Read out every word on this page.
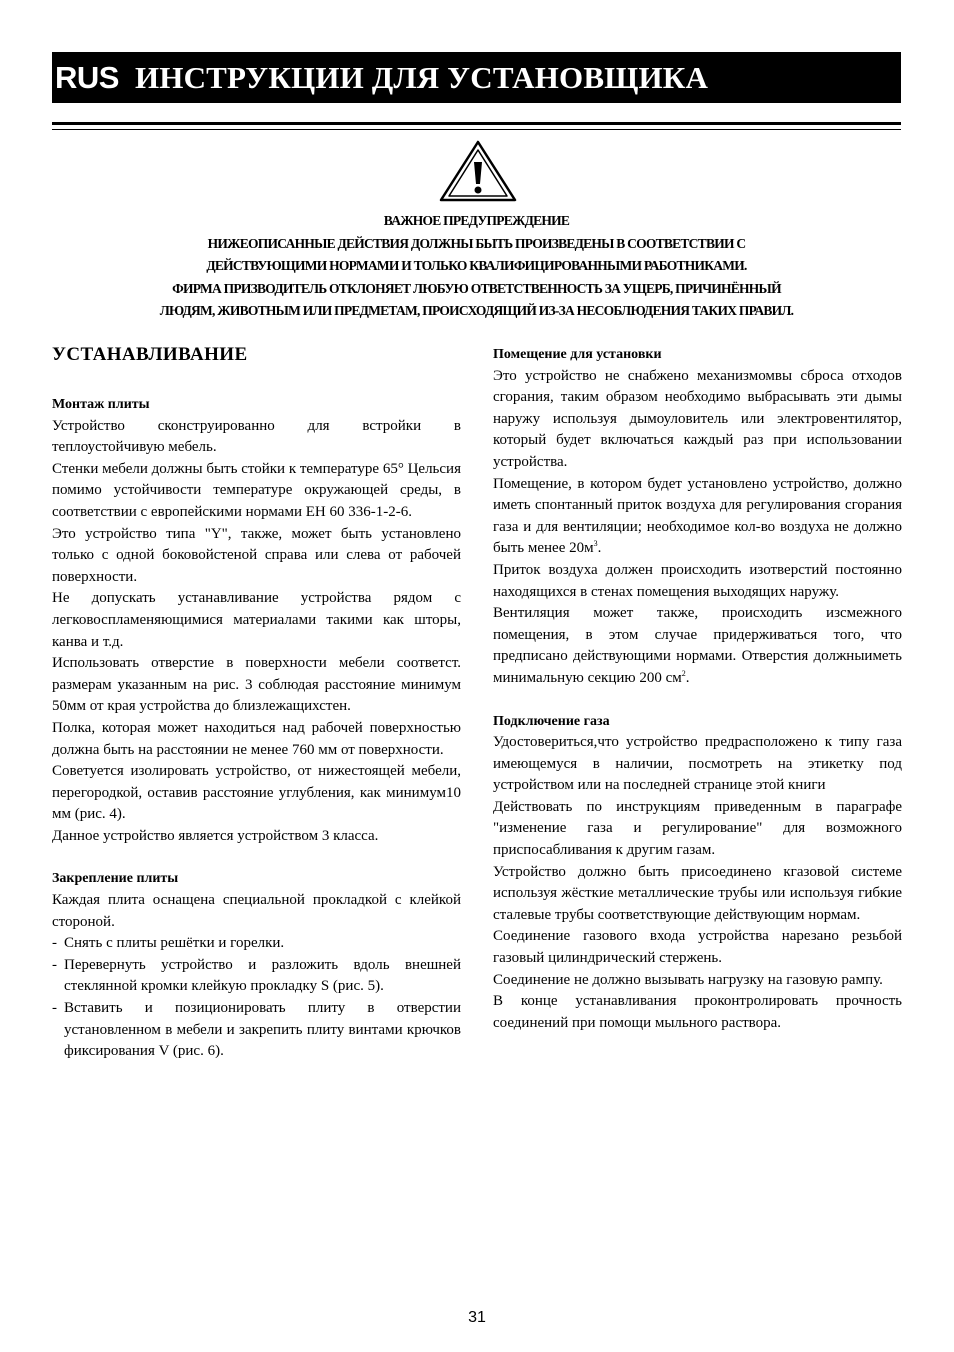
RUS ИНСТРУКЦИИ ДЛЯ УСТАНОВЩИКА
ВАЖНОЕ ПРЕДУПРЕЖДЕНИЕ
НИЖЕОПИСАННЫЕ ДЕЙСТВИЯ ДОЛЖНЫ БЫТЬ ПРОИЗВЕДЕНЫ В СООТВЕТСТВИИ С
ДЕЙСТВУЮЩИМИ НОРМАМИ И ТОЛЬКО КВАЛИФИЦИРОВАННЫМИ РАБОТНИКАМИ.
ФИРМА ПРИЗВОДИТЕЛЬ ОТКЛОНЯЕТ ЛЮБУЮ ОТВЕТСТВЕННОСТЬ ЗА УЩЕРБ, ПРИЧИНЁННЫЙ
ЛЮДЯМ, ЖИВОТНЫМ ИЛИ ПРЕДМЕТАМ, ПРОИСХОДЯЩИЙ ИЗ-ЗА НЕСОБЛЮДЕНИЯ ТАКИХ ПРАВИЛ.
УСТАНАВЛИВАНИЕ
Монтаж плиты

Устройство сконструированно для встройки в теплоустойчивую мебель.

Стенки мебели должны быть стойки к температуре 65° Цельсия помимо устойчивости температуре окружающей среды, в соответствии с европейскими нормами ЕН 60 336-1-2-6.

Это устройство типа "Y", также, может быть установлено только с одной боковойстеной справа или слева от рабочей поверхности.

Не допускать устанавливание устройства рядом с легковоспламеняющимися материалами такими как шторы, канва и т.д.

Использовать отверстие в поверхности мебели соответст. размерам указанным на рис. 3 соблюдая расстояние минимум 50мм от края устройства до близлежащихстен.

Полка, которая может находиться над рабочей поверхностью должна быть на расстоянии не менее 760 мм от поверхности.

Советуется изолировать устройство, от нижестоящей мебели, перегородкой, оставив расстояние углубления, как минимум10 мм (рис. 4).

Данное устройство является устройством 3 класса.

Закрепление плиты

Каждая плита оснащена специальной прокладкой с клейкой стороной.

- Снять с плиты решётки и горелки.
- Перевернуть устройство и разложить вдоль внешней стеклянной кромки клейкую прокладку S (рис. 5).
- Вставить и позиционировать плиту в отверстии установленном в мебели и закрепить плиту винтами крючков фиксирования V (рис. 6).
Помещение для установки

Это устройство не снабжено механизмомвы сброса отходов сгорания, таким образом необходимо выбрасывать эти дымы наружу используя дымоуловитель или электровентилятор, который будет включаться каждый раз при использовании устройства.

Помещение, в котором будет установлено устройство, должно иметь спонтанный приток воздуха для регулирования сгорания газа и для вентиляции; необходимое кол-во воздуха не должно быть менее $20м^3$.

Приток воздуха должен происходить изотверстий постоянно находящихся в стенах помещения выходящих наружу.

Вентиляция может также, происходить изсмежного помещения, в этом случае придерживаться того, что предписано действующими нормами. Отверстия должныиметь минимальную секцию 200 $см^2$.

Подключение газа

Удостовериться,что устройство предрасположено к типу газа имеющемуся в наличии, посмотреть на этикетку под устройством или на последней странице этой книги

Действовать по инструкциям приведенным в параграфе "изменение газа и регулирование" для возможного приспосабливания к другим газам.

Устройство должно быть присоединено кгазовой системе используя жёсткие металлические трубы или используя гибкие сталевые трубы соответствующие действующим нормам.

Соединение газового входа устройства нарезано резьбой газовый цилиндрический стержень.

Соединение не должно вызывать нагрузку на газовую рампу.

В конце устанавливания проконтролировать прочность соединений при помощи мыльного раствора.

31
